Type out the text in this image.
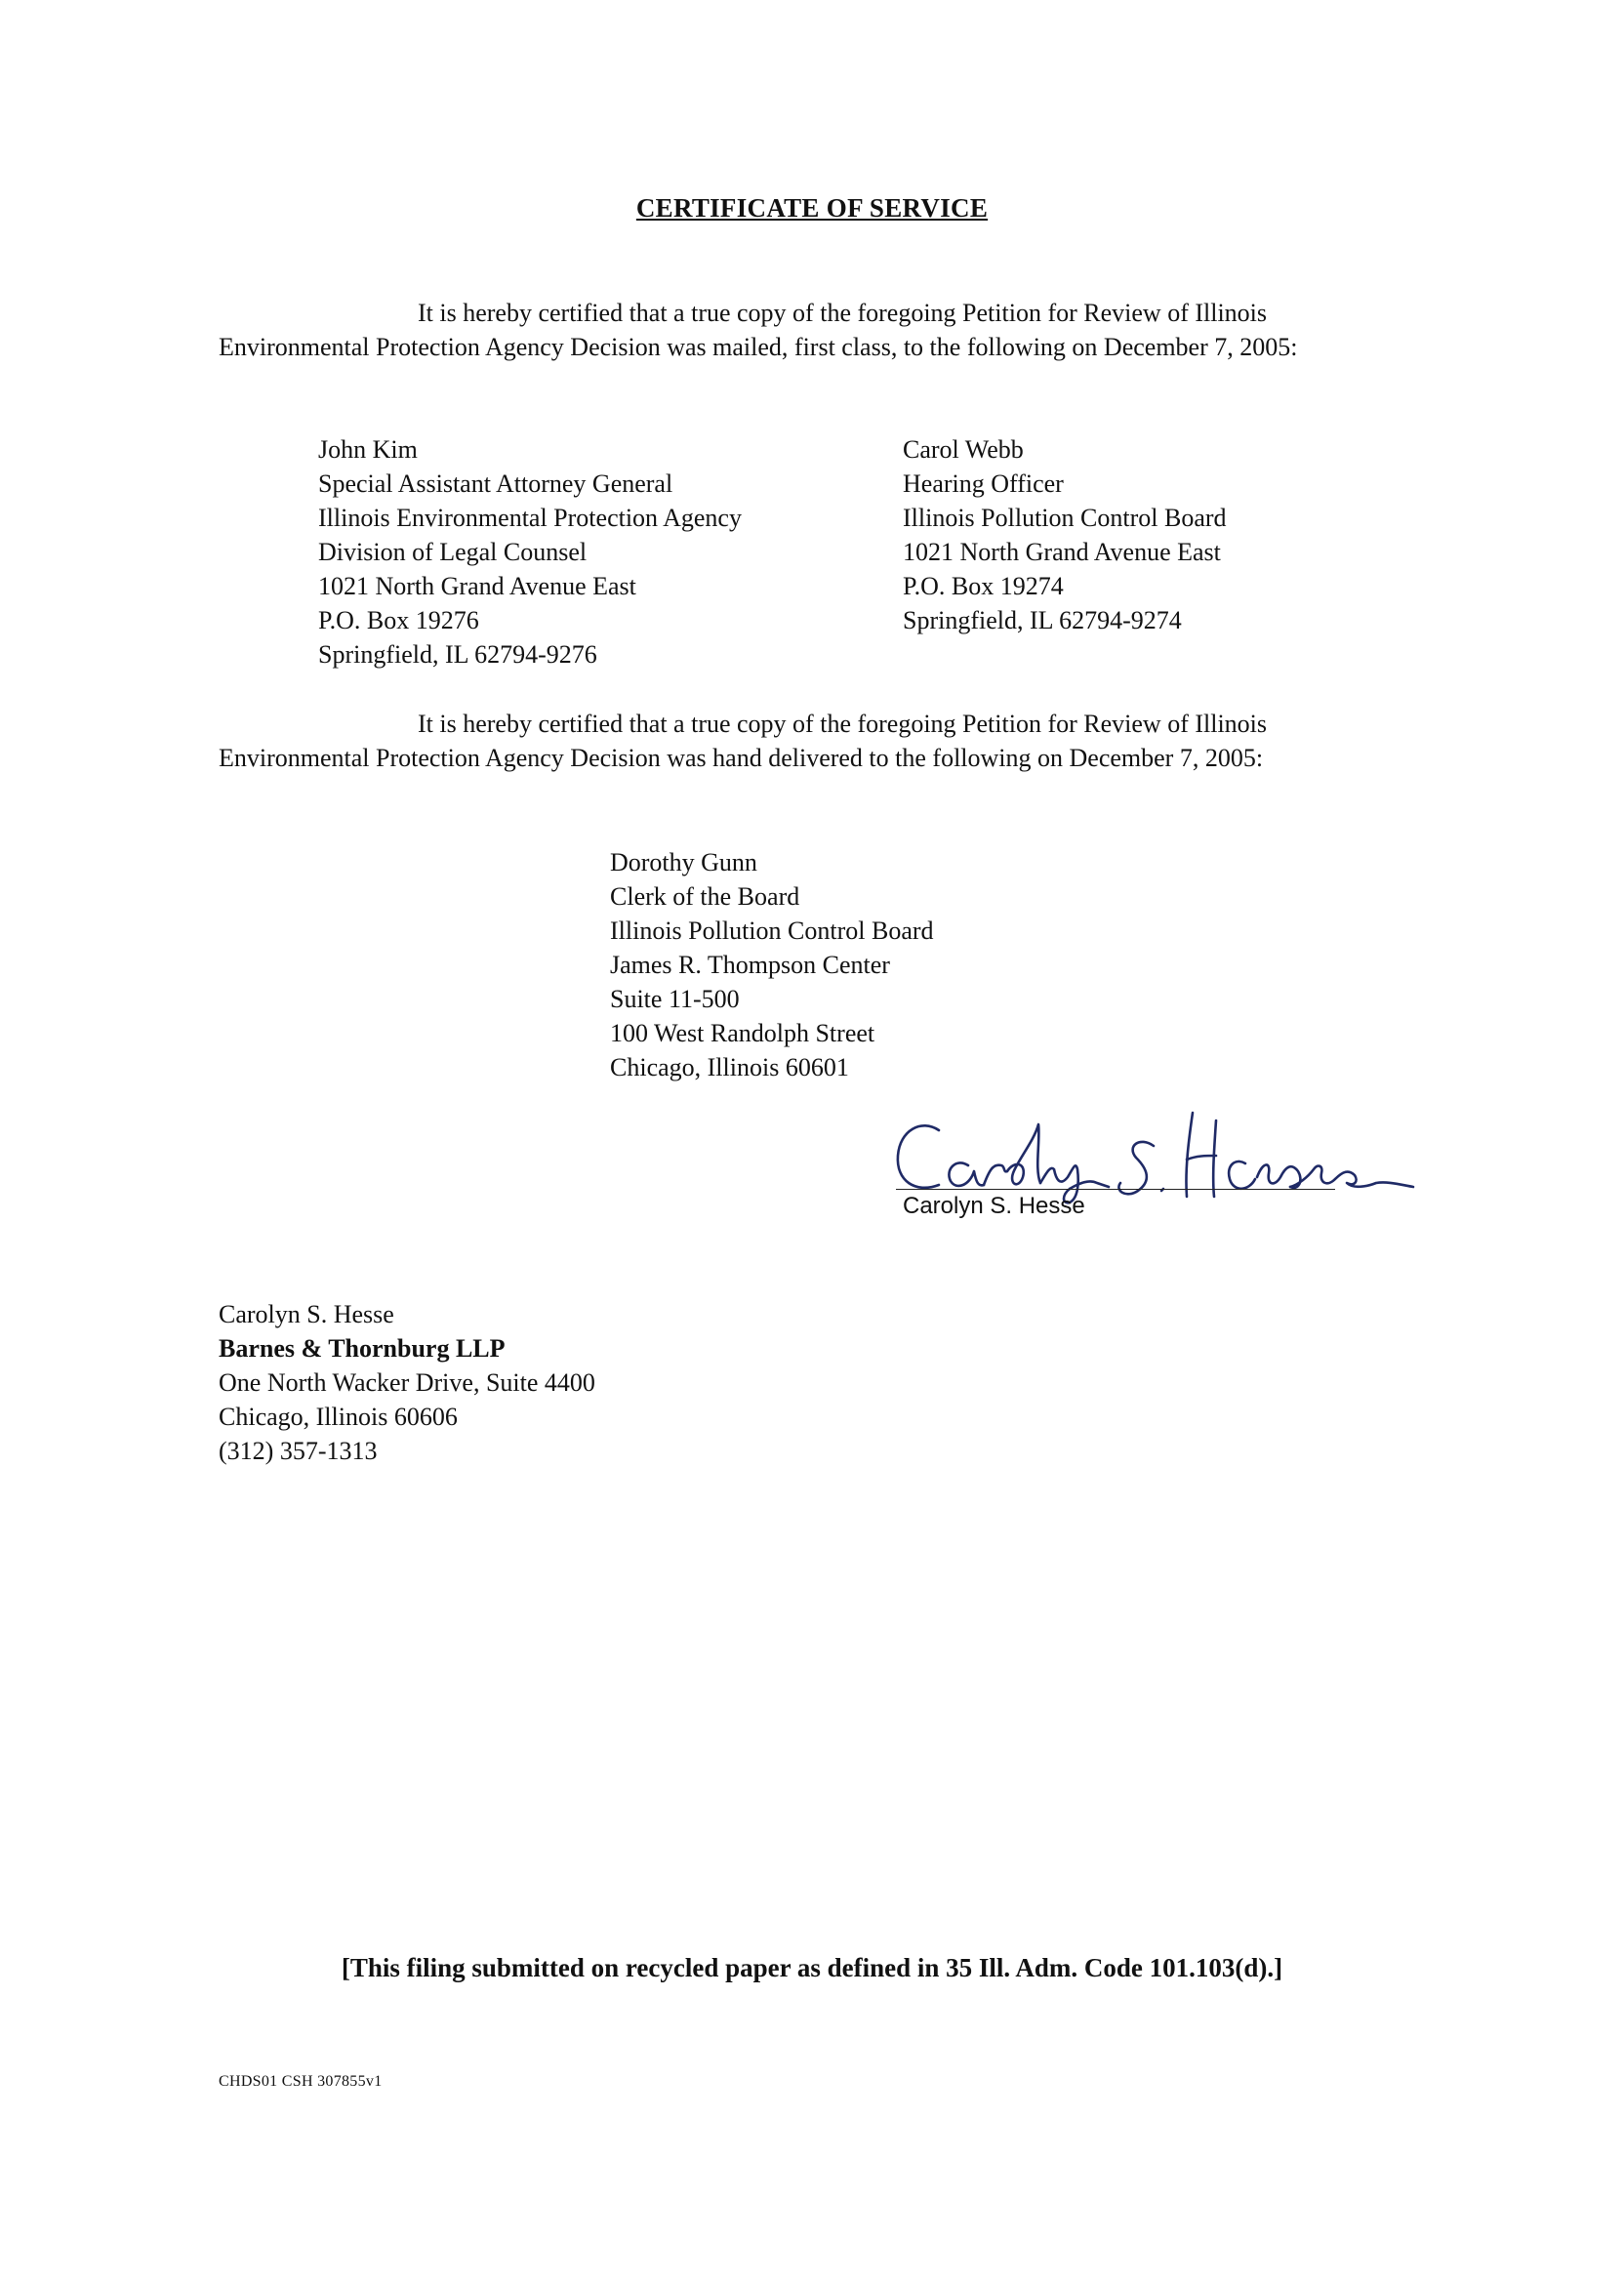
CERTIFICATE OF SERVICE
It is hereby certified that a true copy of the foregoing Petition for Review of Illinois Environmental Protection Agency Decision was mailed, first class, to the following on December 7, 2005:
John Kim
Special Assistant Attorney General
Illinois Environmental Protection Agency
Division of Legal Counsel
1021 North Grand Avenue East
P.O. Box 19276
Springfield, IL 62794-9276
Carol Webb
Hearing Officer
Illinois Pollution Control Board
1021 North Grand Avenue East
P.O. Box 19274
Springfield, IL 62794-9274
It is hereby certified that a true copy of the foregoing Petition for Review of Illinois Environmental Protection Agency Decision was hand delivered to the following on December 7, 2005:
Dorothy Gunn
Clerk of the Board
Illinois Pollution Control Board
James R. Thompson Center
Suite 11-500
100 West Randolph Street
Chicago, Illinois 60601
Carolyn S. Hesse
Carolyn S. Hesse
Barnes & Thornburg LLP
One North Wacker Drive, Suite 4400
Chicago, Illinois 60606
(312) 357-1313
[This filing submitted on recycled paper as defined in 35 Ill. Adm. Code 101.103(d).]
CHDS01 CSH 307855v1
